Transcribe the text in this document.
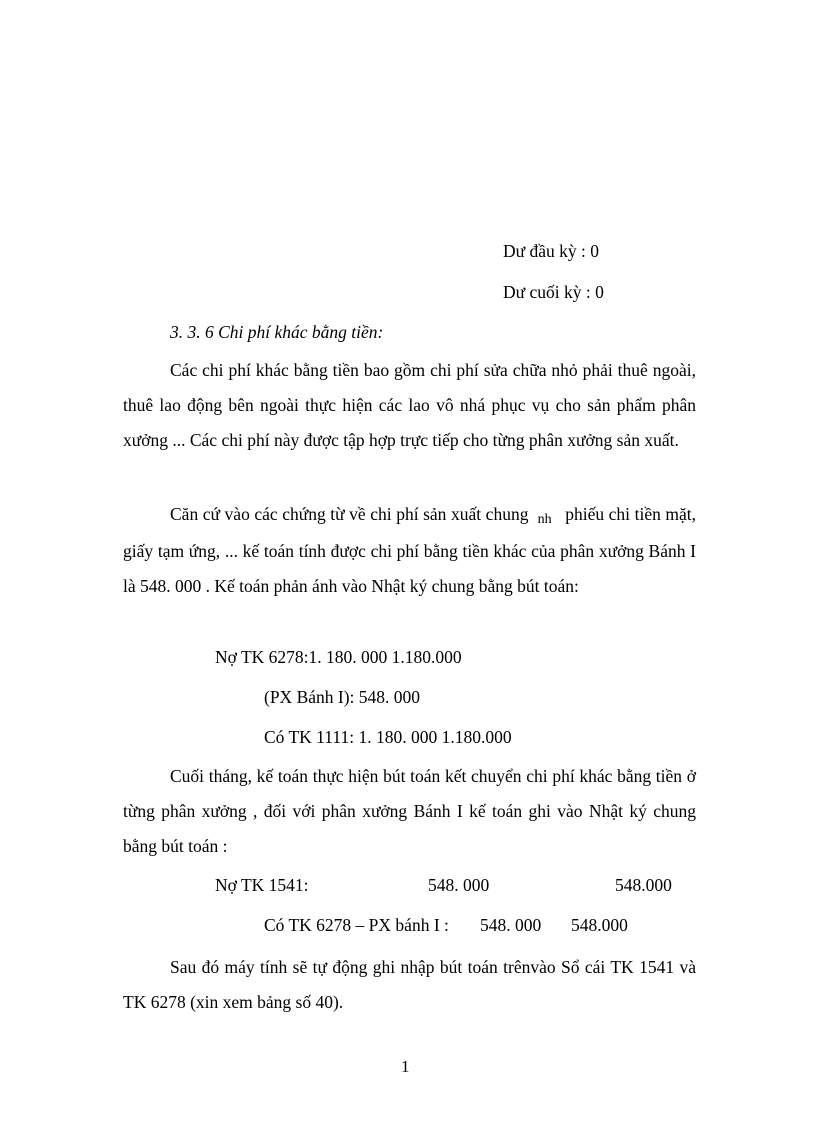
Dư đầu kỳ : 0
Dư cuối kỳ : 0
3. 3. 6 Chi phí khác bằng tiền:

Các chi phí khác bằng tiền bao gồm chi phí sửa chữa nhỏ phải thuê ngoài, thuê lao động bên ngoài thực hiện các lao vô nhá phục vụ cho sản phẩm phân xưởng ... Các chi phí này được tập hợp trực tiếp cho từng phân xưởng sản xuất.

Căn cứ vào các chứng từ về chi phí sản xuất chung nh phiếu chi tiền mặt, giấy tạm ứng, ... kế toán tính được chi phí bằng tiền khác của phân xưởng Bánh I là 548. 000 . Kế toán phản ánh vào Nhật ký chung bằng bút toán:

Nợ TK 6278:1. 180. 000 1.180.000
(PX Bánh I): 548. 000
Có TK 1111: 1. 180. 000 1.180.000

Cuối tháng, kế toán thực hiện bút toán kết chuyển chi phí khác bằng tiền ở từng phân xưởng , đối với phân xưởng Bánh I kế toán ghi vào Nhật ký chung bằng bút toán :

Nợ TK 1541:	548. 000	548.000
Có TK 6278 – PX bánh I : 548. 000 548.000

Sau đó máy tính sẽ tự động ghi nhập bút toán trênvào Sổ cái TK 1541 và TK 6278 (xin xem bảng số 40).

1
